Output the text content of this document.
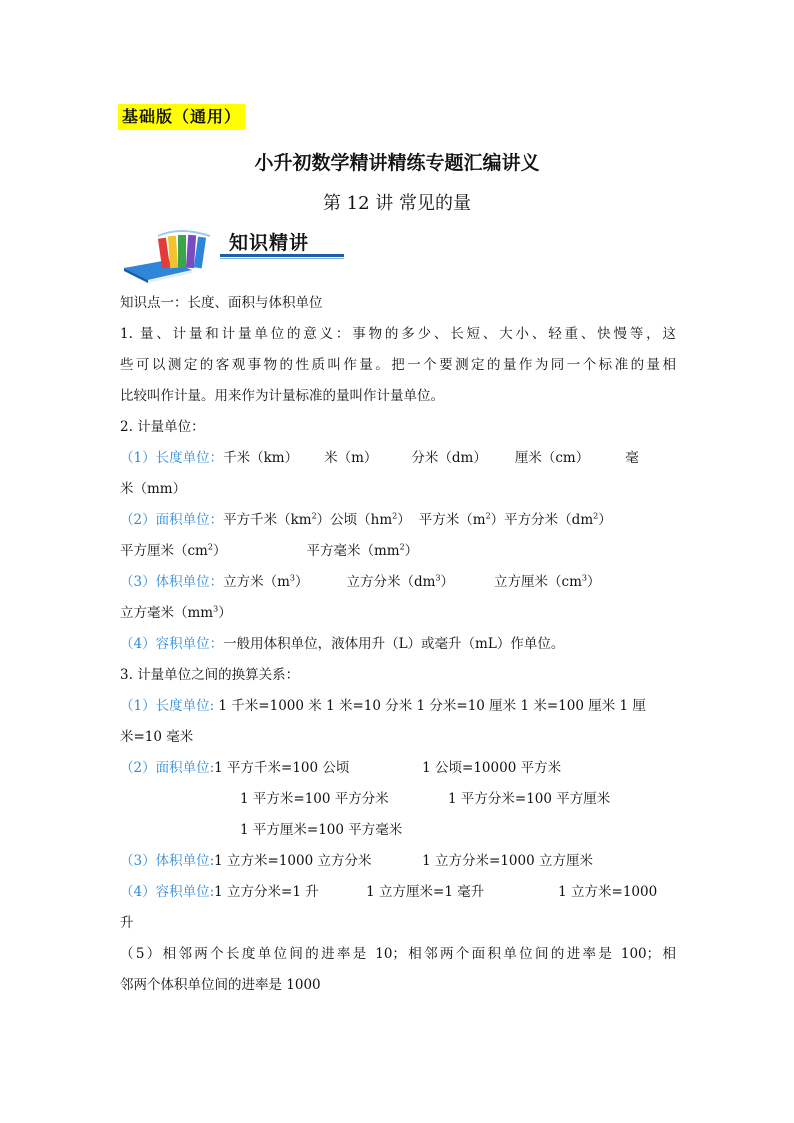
基础版（通用）
小升初数学精讲精练专题汇编讲义
第 12 讲 常见的量
知识精讲
知识点一：长度、面积与体积单位
1. 量、计量和计量单位的意义：事物的多少、长短、大小、轻重、快慢等，这
些可以测定的客观事物的性质叫作量。把一个要测定的量作为同一个标准的量相
比较叫作计量。用来作为计量标准的量叫作计量单位。
2. 计量单位：
（1）长度单位：千米（km） 米（m）	分米（dm） 厘米（cm）	毫
米（mm）
（2）面积单位：平方千米$(km^2)$公顷$(hm^2)$ 平方米$(m^2)$平方分米$(dm^2)$
平方厘米$(cm^2)$	平方毫米$(mm^2)$
（3）体积单位：立方米$(m^3)$	立方分米$(dm^3)$	立方厘米$(cm^3)$
立方毫米$(mm^3)$
（4）容积单位：一般用体积单位，液体用升（L）或毫升（mL）作单位。
3. 计量单位之间的换算关系：
（1）长度单位: 1 千米=1000 米 1 米=10 分米 1 分米=10 厘米 1 米=100 厘米 1 厘
米=10 毫米
（2）面积单位:1 平方千米=100 公顷	1 公顷=10000 平方米
1 平方米=100 平方分米	1 平方分米=100 平方厘米
1 平方厘米=100 平方毫米
（3）体积单位:1 立方米=1000 立方分米	1 立方分米=1000 立方厘米
（4）容积单位:1 立方分米=1 升	1 立方厘米=1 毫升	1 立方米=1000
升
（5）相邻两个长度单位间的进率是 10；相邻两个面积单位间的进率是 100；相
邻两个体积单位间的进率是 1000
